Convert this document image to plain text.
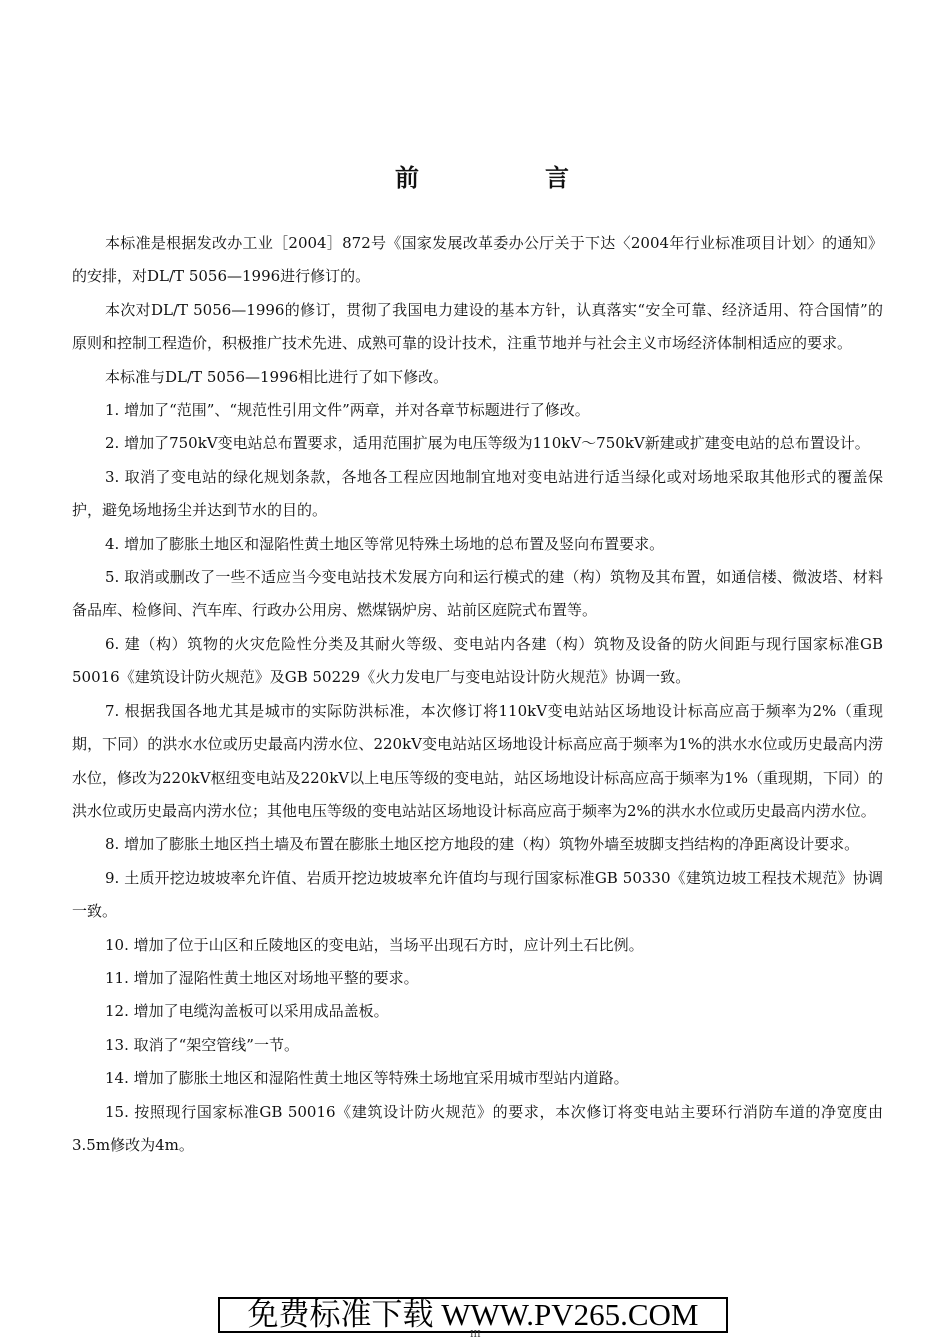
前　　言

本标准是根据发改办工业［2004］872号《国家发展改革委办公厅关于下达〈2004年行业标准项目计划〉的通知》的安排，对DL/T 5056—1996进行修订的。

本次对DL/T 5056—1996的修订，贯彻了我国电力建设的基本方针，认真落实“安全可靠、经济适用、符合国情”的原则和控制工程造价，积极推广技术先进、成熟可靠的设计技术，注重节地并与社会主义市场经济体制相适应的要求。

本标准与DL/T 5056—1996相比进行了如下修改。

1. 增加了“范围”、“规范性引用文件”两章，并对各章节标题进行了修改。

2. 增加了750kV变电站总布置要求，适用范围扩展为电压等级为110kV～750kV新建或扩建变电站的总布置设计。

3. 取消了变电站的绿化规划条款，各地各工程应因地制宜地对变电站进行适当绿化或对场地采取其他形式的覆盖保护，避免场地扬尘并达到节水的目的。

4. 增加了膨胀土地区和湿陷性黄土地区等常见特殊土场地的总布置及竖向布置要求。

5. 取消或删改了一些不适应当今变电站技术发展方向和运行模式的建（构）筑物及其布置，如通信楼、微波塔、材料备品库、检修间、汽车库、行政办公用房、燃煤锅炉房、站前区庭院式布置等。

6. 建（构）筑物的火灾危险性分类及其耐火等级、变电站内各建（构）筑物及设备的防火间距与现行国家标准GB 50016《建筑设计防火规范》及GB 50229《火力发电厂与变电站设计防火规范》协调一致。

7. 根据我国各地尤其是城市的实际防洪标准，本次修订将110kV变电站站区场地设计标高应高于频率为2%（重现期，下同）的洪水水位或历史最高内涝水位、220kV变电站站区场地设计标高应高于频率为1%的洪水水位或历史最高内涝水位，修改为220kV枢纽变电站及220kV以上电压等级的变电站，站区场地设计标高应高于频率为1%（重现期，下同）的洪水位或历史最高内涝水位；其他电压等级的变电站站区场地设计标高应高于频率为2%的洪水水位或历史最高内涝水位。

8. 增加了膨胀土地区挡土墙及布置在膨胀土地区挖方地段的建（构）筑物外墙至坡脚支挡结构的净距离设计要求。

9. 土质开挖边坡坡率允许值、岩质开挖边坡坡率允许值均与现行国家标准GB 50330《建筑边坡工程技术规范》协调一致。

10. 增加了位于山区和丘陵地区的变电站，当场平出现石方时，应计列土石比例。

11. 增加了湿陷性黄土地区对场地平整的要求。

12. 增加了电缆沟盖板可以采用成品盖板。

13. 取消了“架空管线”一节。

14. 增加了膨胀土地区和湿陷性黄土地区等特殊土场地宜采用城市型站内道路。

15. 按照现行国家标准GB 50016《建筑设计防火规范》的要求，本次修订将变电站主要环行消防车道的净宽度由3.5m修改为4m。

免费标准下载 WWW.PV265.COM
III
